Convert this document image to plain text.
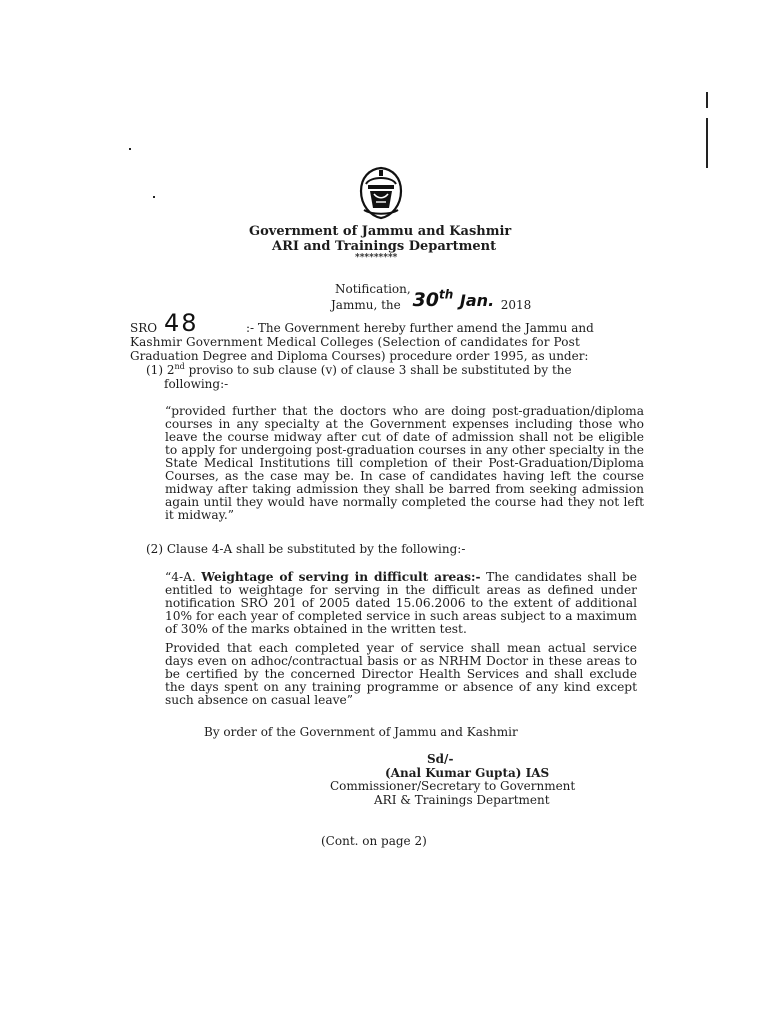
Government of Jammu and Kashmir
ARI and Trainings Department
*********
Notification,
Jammu, the 30th Jan. 2018
SRO 48	:- The Government hereby further amend the Jammu and
Kashmir Government Medical Colleges (Selection of candidates for Post
Graduation Degree and Diploma Courses) procedure order 1995, as under:
(1) 2nd proviso to sub clause (v) of clause 3 shall be substituted by the
following:-
“provided further that the doctors who are doing post-graduation/diploma courses in any specialty at the Government expenses including those who leave the course midway after cut of date of admission shall not be eligible to apply for undergoing post-graduation courses in any other specialty in the State Medical Institutions till completion of their Post-Graduation/Diploma Courses, as the case may be. In case of candidates having left the course midway after taking admission they shall be barred from seeking admission again until they would have normally completed the course had they not left it midway.”
(2) Clause 4-A shall be substituted by the following:-
“4-A. Weightage of serving in difficult areas:- The candidates shall be entitled to weightage for serving in the difficult areas as defined under notification SRO 201 of 2005 dated 15.06.2006 to the extent of additional 10% for each year of completed service in such areas subject to a maximum of 30% of the marks obtained in the written test.
Provided that each completed year of service shall mean actual service days even on adhoc/contractual basis or as NRHM Doctor in these areas to be certified by the concerned Director Health Services and shall exclude the days spent on any training programme or absence of any kind except such absence on casual leave”
By order of the Government of Jammu and Kashmir
Sd/-
(Anal Kumar Gupta) IAS
Commissioner/Secretary to Government
ARI & Trainings Department
(Cont. on page 2)
